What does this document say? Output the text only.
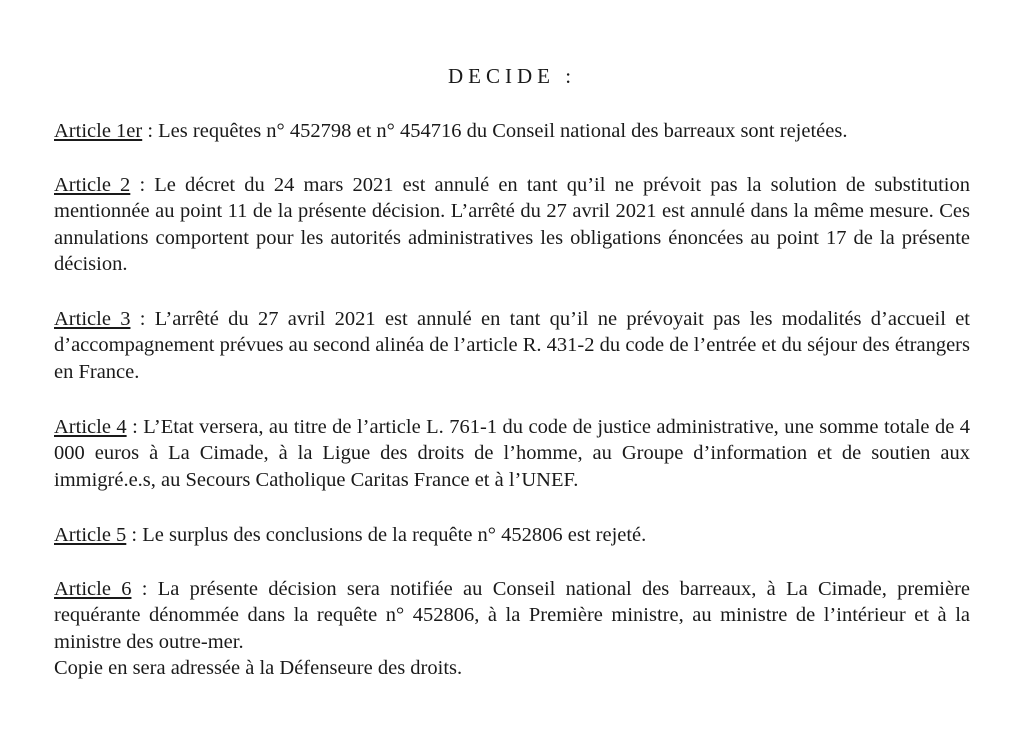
DECIDE :

Article 1er : Les requêtes n° 452798 et n° 454716 du Conseil national des barreaux sont rejetées.

Article 2 : Le décret du 24 mars 2021 est annulé en tant qu’il ne prévoit pas la solution de substitution mentionnée au point 11 de la présente décision. L’arrêté du 27 avril 2021 est annulé dans la même mesure. Ces annulations comportent pour les autorités administratives les obligations énoncées au point 17 de la présente décision.

Article 3 : L’arrêté du 27 avril 2021 est annulé en tant qu’il ne prévoyait pas les modalités d’accueil et d’accompagnement prévues au second alinéa de l’article R. 431-2 du code de l’entrée et du séjour des étrangers en France.

Article 4 : L’Etat versera, au titre de l’article L. 761-1 du code de justice administrative, une somme totale de 4 000 euros à La Cimade, à la Ligue des droits de l’homme, au Groupe d’information et de soutien aux immigré.e.s, au Secours Catholique Caritas France et à l’UNEF.

Article 5 : Le surplus des conclusions de la requête n° 452806 est rejeté.

Article 6 : La présente décision sera notifiée au Conseil national des barreaux, à La Cimade, première requérante dénommée dans la requête n° 452806, à la Première ministre, au ministre de l’intérieur et à la ministre des outre-mer.

Copie en sera adressée à la Défenseure des droits.
